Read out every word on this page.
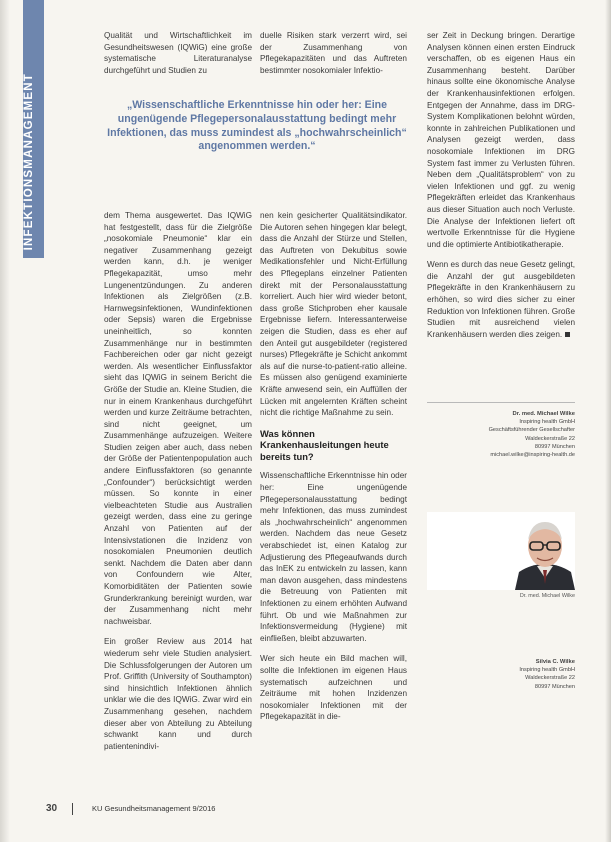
INFEKTIONSMANAGEMENT

Qualität und Wirtschaftlichkeit im Gesundheitswesen (IQWiG) eine große systematische Literaturanalyse durchgeführt und Studien zu

duelle Risiken stark verzerrt wird, sei der Zusammenhang von Pflegekapazitäten und das Auftreten bestimmter nosokomialer Infektio-

„Wissenschaftliche Erkenntnisse hin oder her: Eine ungenügende Pflegepersonalausstattung bedingt mehr Infektionen, das muss zumindest als „hochwahrscheinlich“ angenommen werden.“

dem Thema ausgewertet. Das IQWiG hat festgestellt, dass für die Zielgröße „nosokomiale Pneumonie“ klar ein negativer Zusammenhang gezeigt werden kann, d.h. je weniger Pflegekapazität, umso mehr Lungenentzündungen. Zu anderen Infektionen als Zielgrößen (z.B. Harnwegsinfektionen, Wundinfektionen oder Sepsis) waren die Ergebnisse uneinheitlich, so konnten Zusammenhänge nur in bestimmten Fachbereichen oder gar nicht gezeigt werden. Als wesentlicher Einflussfaktor sieht das IQWiG in seinem Bericht die Größe der Studie an. Kleine Studien, die nur in einem Krankenhaus durchgeführt werden und kurze Zeiträume betrachten, sind nicht geeignet, um Zusammenhänge aufzuzeigen. Weitere Studien zeigen aber auch, dass neben der Größe der Patientenpopulation auch andere Einflussfaktoren (so genannte „Confounder“) berücksichtigt werden müssen. So konnte in einer vielbeachteten Studie aus Australien gezeigt werden, dass eine zu geringe Anzahl von Patienten auf der Intensivstationen die Inzidenz von nosokomialen Pneumonien deutlich senkt. Nachdem die Daten aber dann von Confoundern wie Alter, Komorbiditäten der Patienten sowie Grunderkrankung bereinigt wurden, war der Zusammenhang nicht mehr nachweisbar.

Ein großer Review aus 2014 hat wiederum sehr viele Studien analysiert. Die Schlussfolgerungen der Autoren um Prof. Griffith (University of Southampton) sind hinsichtlich Infektionen ähnlich unklar wie die des IQWiG. Zwar wird ein Zusammenhang gesehen, nachdem dieser aber von Abteilung zu Abteilung schwankt kann und durch patientenindivi-

nen kein gesicherter Qualitätsindikator. Die Autoren sehen hingegen klar belegt, dass die Anzahl der Stürze und Stellen, das Auftreten von Dekubitus sowie Medikationsfehler und Nicht-Erfüllung des Pflegeplans einzelner Patienten direkt mit der Personalausstattung korreliert. Auch hier wird wieder betont, dass große Stichproben eher kausale Ergebnisse liefern. Interessanterweise zeigen die Studien, dass es eher auf den Anteil gut ausgebildeter (registered nurses) Pflegekräfte je Schicht ankommt als auf die nurse-to-patient-ratio alleine. Es müssen also genügend examinierte Kräfte anwesend sein, ein Auffüllen der Lücken mit angelernten Kräften scheint nicht die richtige Maßnahme zu sein.

Was können Krankenhausleitungen heute bereits tun?

Wissenschaftliche Erkenntnisse hin oder her: Eine ungenügende Pflegepersonalausstattung bedingt mehr Infektionen, das muss zumindest als „hochwahrscheinlich“ angenommen werden. Nachdem das neue Gesetz verabschiedet ist, einen Katalog zur Adjustierung des Pflegeaufwands durch das InEK zu entwickeln zu lassen, kann man davon ausgehen, dass mindestens die Betreuung von Patienten mit Infektionen zu einem erhöhten Aufwand führt. Ob und wie Maßnahmen zur Infektionsvermeidung (Hygiene) mit einfließen, bleibt abzuwarten.

Wer sich heute ein Bild machen will, sollte die Infektionen im eigenen Haus systematisch aufzeichnen und Zeiträume mit hohen Inzidenzen nosokomialer Infektionen mit der Pflegekapazität in die-

ser Zeit in Deckung bringen. Derartige Analysen können einen ersten Eindruck verschaffen, ob es eigenen Haus ein Zusammenhang besteht. Darüber hinaus sollte eine ökonomische Analyse der Krankenhausinfektionen erfolgen. Entgegen der Annahme, dass im DRG-System Komplikationen belohnt würden, konnte in zahlreichen Publikationen und Analysen gezeigt werden, dass nosokomiale Infektionen im DRG System fast immer zu Verlusten führen. Neben dem „Qualitätsproblem“ von zu vielen Infektionen und ggf. zu wenig Pflegekräften erleidet das Krankenhaus aus dieser Situation auch noch Verluste. Die Analyse der Infektionen liefert oft wertvolle Erkenntnisse für die Hygiene und die optimierte Antibiotikatherapie.

Wenn es durch das neue Gesetz gelingt, die Anzahl der gut ausgebildeten Pflegekräfte in den Krankenhäusern zu erhöhen, so wird dies sicher zu einer Reduktion von Infektionen führen. Große Studien mit ausreichend vielen Krankenhäusern werden dies zeigen.

Dr. med. Michael Wilke
Inspiring health GmbH
Geschäftsführender Gesellschafter
Waldeckerstraße 22
80997 München
michael.wilke@inspiring-health.de
Dr. med. Michael Wilke
Silvia C. Wilke
Inspiring health GmbH
Waldeckerstraße 22
80997 München
30	KU Gesundheitsmanagement 9/2016
